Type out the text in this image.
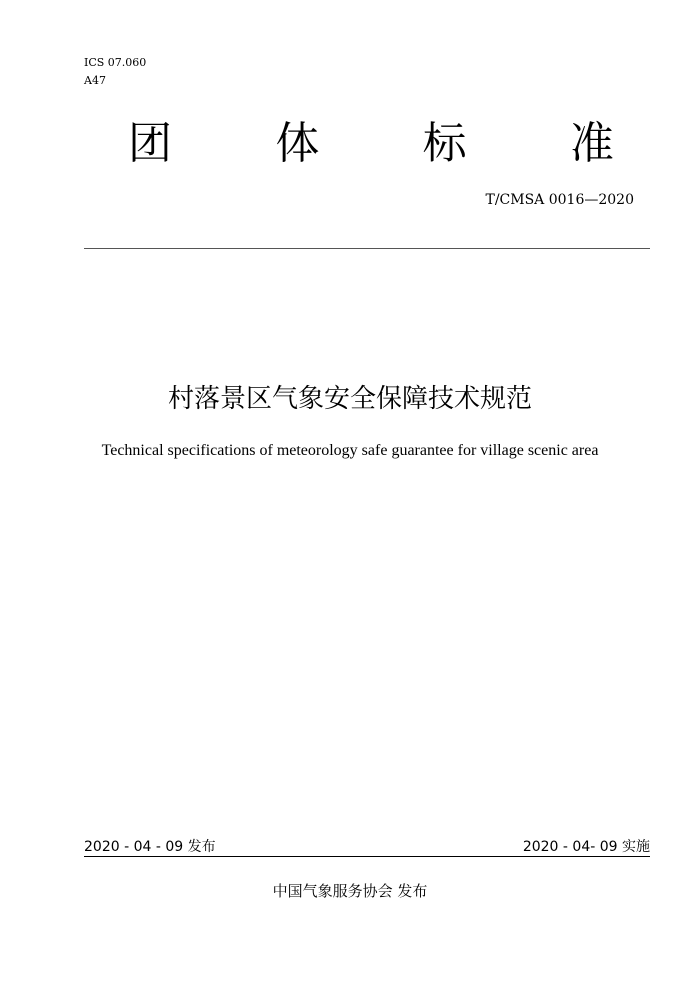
ICS 07.060
A47
团 体 标 准
T/CMSA 0016—2020
村落景区气象安全保障技术规范
Technical specifications of meteorology safe guarantee for village scenic area
2020 - 04 - 09 发布	2020 - 04- 09 实施
中国气象服务协会 发布
